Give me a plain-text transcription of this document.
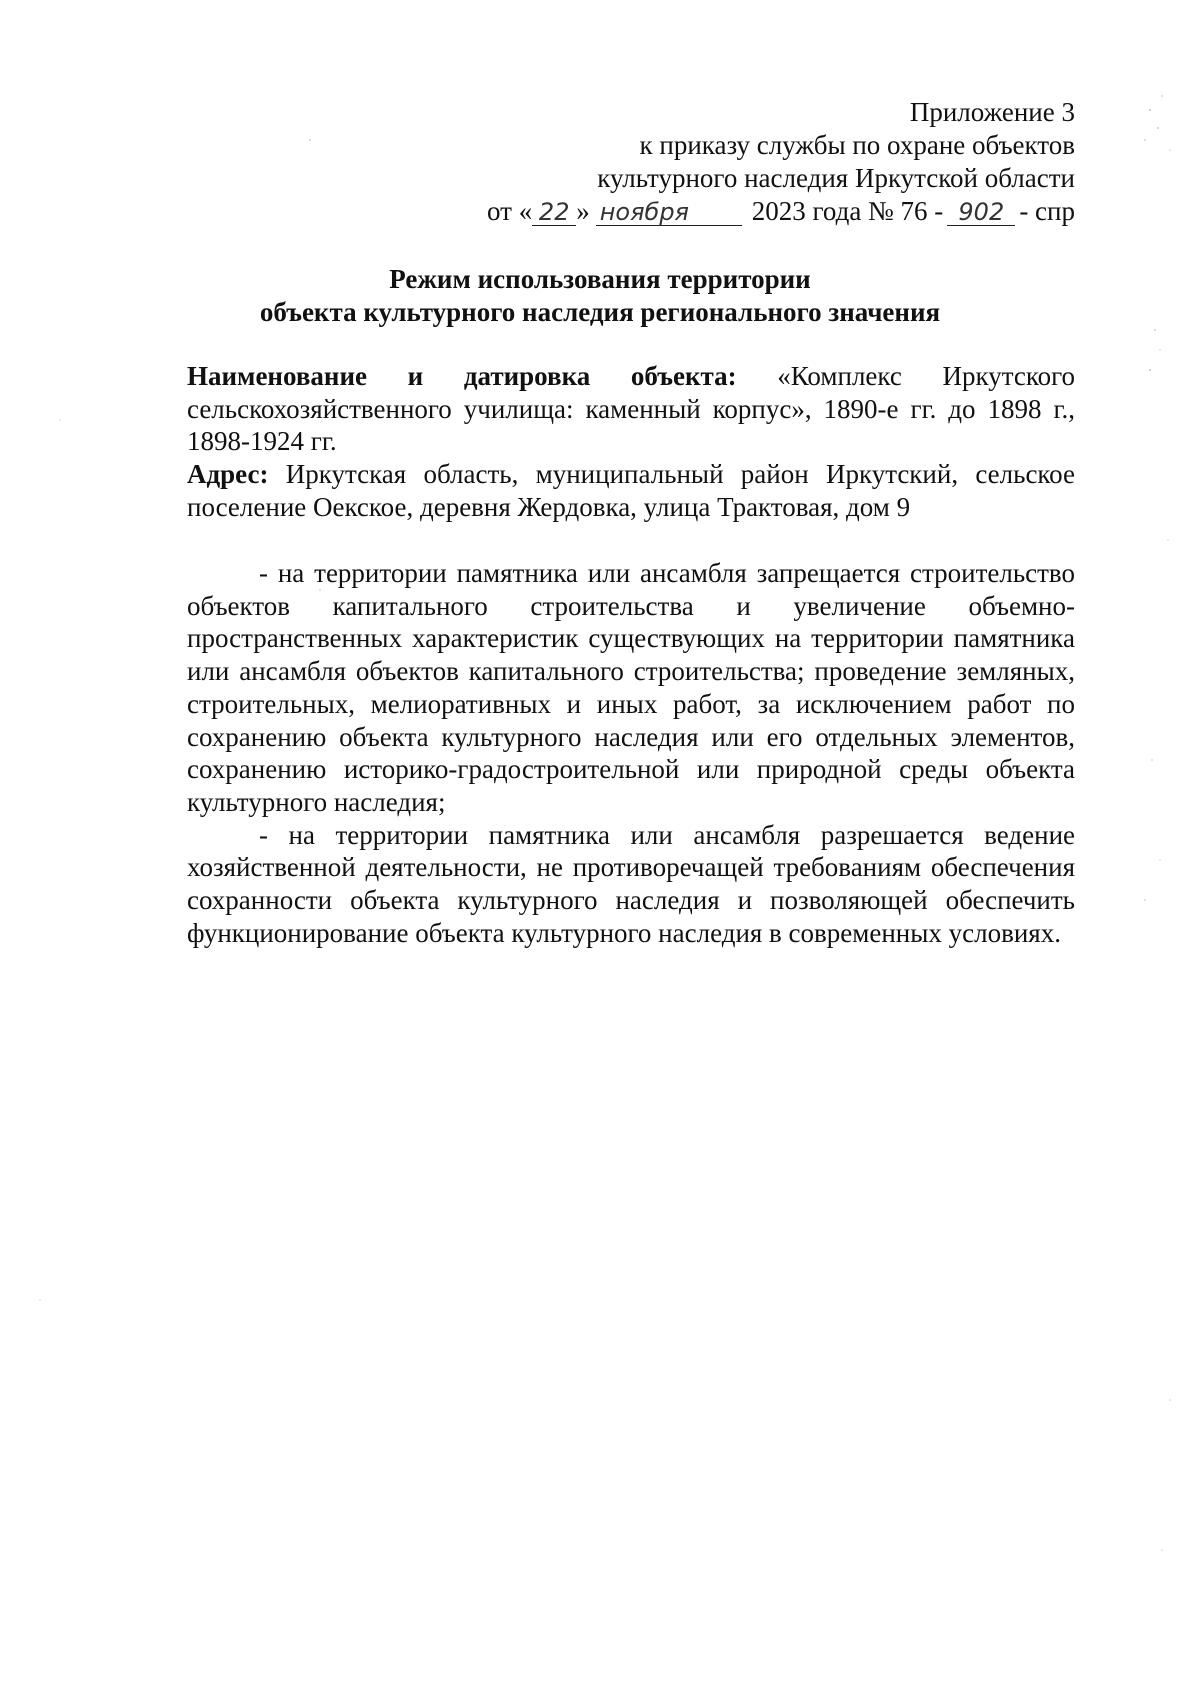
Приложение 3
к приказу службы по охране объектов
культурного наследия Иркутской области
от « 22 » ноября 2023 года № 76 - 902 - спр
Режим использования территории
объекта культурного наследия регионального значения

Наименование и датировка объекта: «Комплекс Иркутского сельскохозяйственного училища: каменный корпус», 1890-е гг. до 1898 г., 1898-1924 гг.

Адрес: Иркутская область, муниципальный район Иркутский, сельское поселение Оекское, деревня Жердовка, улица Трактовая, дом 9

- на территории памятника или ансамбля запрещается строительство объектов капитального строительства и увеличение объемно-пространственных характеристик существующих на территории памятника или ансамбля объектов капитального строительства; проведение земляных, строительных, мелиоративных и иных работ, за исключением работ по сохранению объекта культурного наследия или его отдельных элементов, сохранению историко-градостроительной или природной среды объекта культурного наследия;

- на территории памятника или ансамбля разрешается ведение хозяйственной деятельности, не противоречащей требованиям обеспечения сохранности объекта культурного наследия и позволяющей обеспечить функционирование объекта культурного наследия в современных условиях.
